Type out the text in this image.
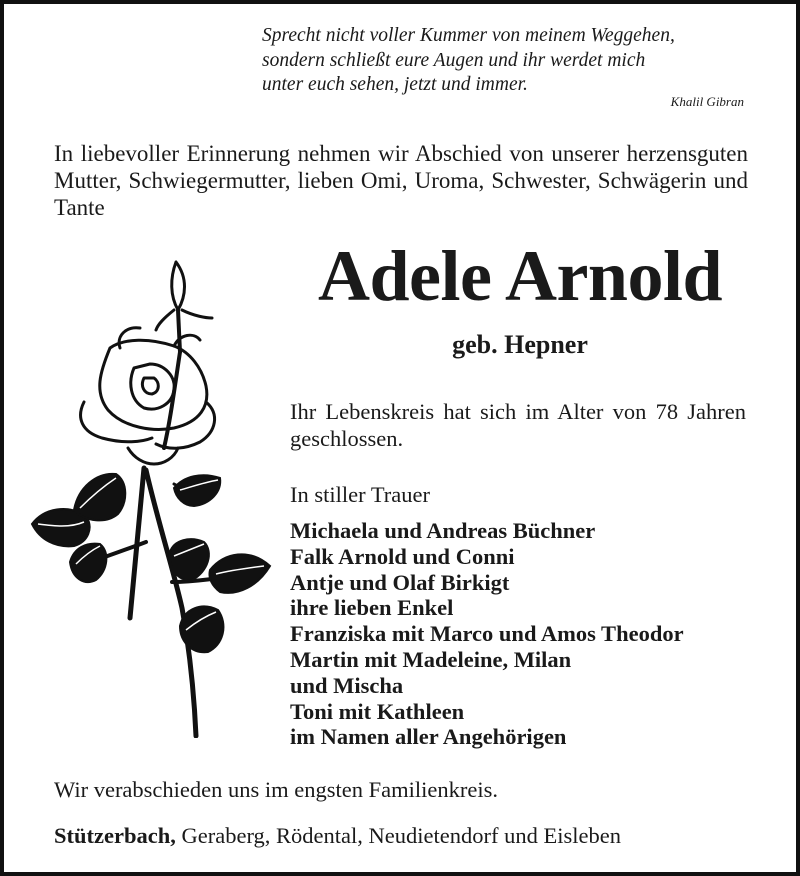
Sprecht nicht voller Kummer von meinem Weggehen,
sondern schließt eure Augen und ihr werdet mich
unter euch sehen, jetzt und immer.
Khalil Gibran
In liebevoller Erinnerung nehmen wir Abschied von unserer herzensguten Mutter, Schwiegermutter, lieben Omi, Uroma, Schwester, Schwägerin und Tante
Adele Arnold
geb. Hepner
Ihr Lebenskreis hat sich im Alter von 78 Jahren geschlossen.
In stiller Trauer
Michaela und Andreas Büchner
Falk Arnold und Conni
Antje und Olaf Birkigt
ihre lieben Enkel
Franziska mit Marco und Amos Theodor
Martin mit Madeleine, Milan
und Mischa
Toni mit Kathleen
im Namen aller Angehörigen
Wir verabschieden uns im engsten Familienkreis.
Stützerbach, Geraberg, Rödental, Neudietendorf und Eisleben
